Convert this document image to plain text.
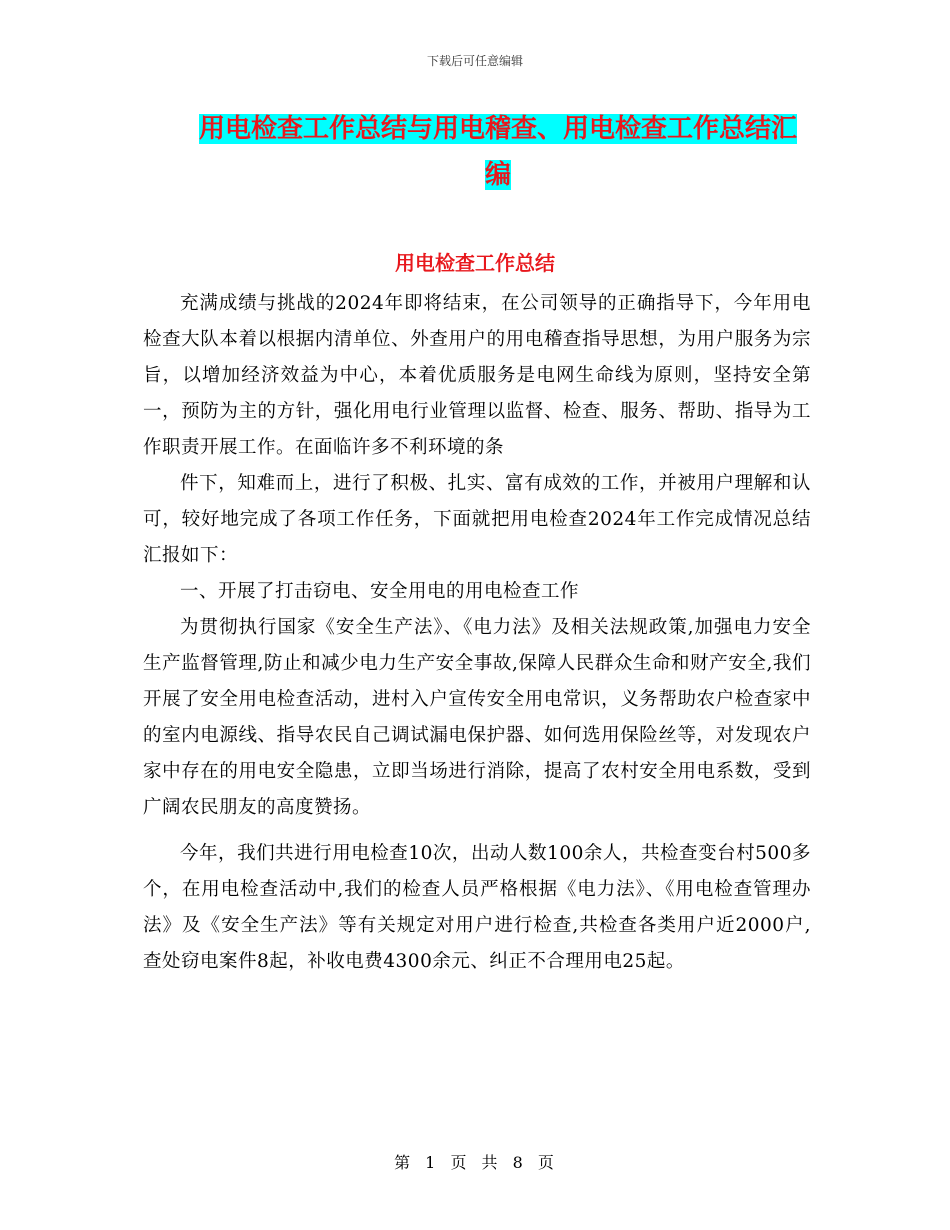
下载后可任意编辑
用电检查工作总结与用电稽查、用电检查工作总结汇
编
用电检查工作总结

充满成绩与挑战的2024年即将结束，在公司领导的正确指导下，今年用电检查大队本着以根据内清单位、外查用户的用电稽查指导思想，为用户服务为宗旨，以增加经济效益为中心，本着优质服务是电网生命线为原则，坚持安全第一，预防为主的方针，强化用电行业管理以监督、检查、服务、帮助、指导为工作职责开展工作。在面临许多不利环境的条

件下，知难而上，进行了积极、扎实、富有成效的工作，并被用户理解和认可，较好地完成了各项工作任务，下面就把用电检查2024年工作完成情况总结汇报如下：

一、开展了打击窃电、安全用电的用电检查工作

为贯彻执行国家《安全生产法》、《电力法》及相关法规政策,加强电力安全生产监督管理,防止和减少电力生产安全事故,保障人民群众生命和财产安全,我们开展了安全用电检查活动，进村入户宣传安全用电常识，义务帮助农户检查家中的室内电源线、指导农民自己调试漏电保护器、如何选用保险丝等，对发现农户家中存在的用电安全隐患，立即当场进行消除，提高了农村安全用电系数，受到广阔农民朋友的高度赞扬。

今年，我们共进行用电检查10次，出动人数100余人，共检查变台村500多个，在用电检查活动中,我们的检查人员严格根据《电力法》、《用电检查管理办法》及《安全生产法》等有关规定对用户进行检查,共检查各类用户近2000户,查处窃电案件8起，补收电费4300余元、纠正不合理用电25起。

第 1 页 共 8 页
